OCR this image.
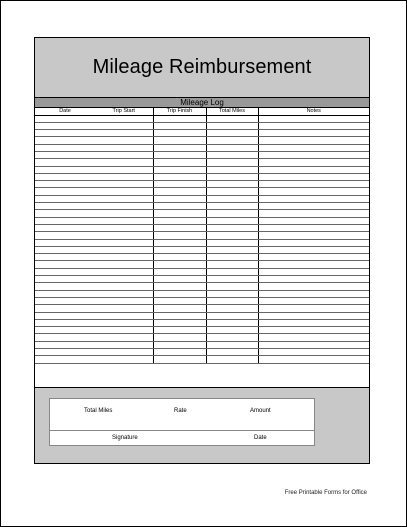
Mileage Reimbursement
Mileage Log
Date	Trip Start	Trip Finish	Total Miles	Notes

Total Miles	Rate	Amount
Signature	Date
Free Printable Forms for Office
